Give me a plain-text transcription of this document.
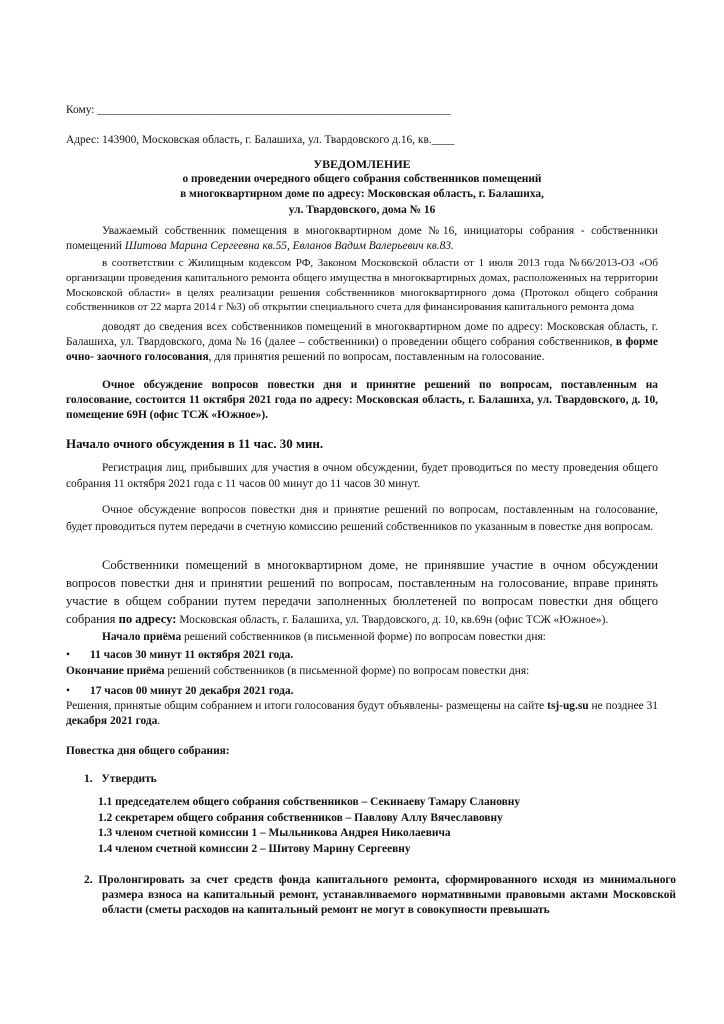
Кому: ______________________________________________________________
Адрес: 143900, Московская область, г. Балашиха, ул. Твардовского д.16, кв.____
УВЕДОМЛЕНИЕ
о проведении очередного общего собрания собственников помещений
в многоквартирном доме по адресу: Московская область, г. Балашиха,
ул. Твардовского, дома № 16
Уважаемый собственник помещения в многоквартирном доме №16, инициаторы собрания - собственники помещений Шитова Марина Сергеевна кв.55, Евланов Вадим Валерьевич кв.83.
в соответствии с Жилищным кодексом РФ, Законом Московской области от 1 июля 2013 года №66/2013-ОЗ «Об организации проведения капитального ремонта общего имущества в многоквартирных домах, расположенных на территории Московской области» в целях реализации решения собственников многоквартирного дома (Протокол общего собрания собственников от 22 марта 2014 г №3) об открытии специального счета для финансирования капитального ремонта дома
доводят до сведения всех собственников помещений в многоквартирном доме по адресу: Московская область, г. Балашиха, ул. Твардовского, дома № 16 (далее – собственники) о проведении общего собрания собственников, в форме очно- заочного голосования, для принятия решений по вопросам, поставленным на голосование.
Очное обсуждение вопросов повестки дня и принятие решений по вопросам, поставленным на голосование, состоится 11 октября 2021 года по адресу: Московская область, г. Балашиха, ул. Твардовского, д. 10, помещение 69Н (офис ТСЖ «Южное»).
Начало очного обсуждения в 11 час. 30 мин.
Регистрация лиц, прибывших для участия в очном обсуждении, будет проводиться по месту проведения общего собрания 11 октября 2021 года с 11 часов 00 минут до 11 часов 30 минут.
Очное обсуждение вопросов повестки дня и принятие решений по вопросам, поставленным на голосование, будет проводиться путем передачи в счетную комиссию решений собственников по указанным в повестке дня вопросам.
Собственники помещений в многоквартирном доме, не принявшие участие в очном обсуждении вопросов повестки дня и принятии решений по вопросам, поставленным на голосование, вправе принять участие в общем собрании путем передачи заполненных бюллетеней по вопросам повестки дня общего собрания по адресу: Московская область, г. Балашиха, ул. Твардовского, д. 10, кв.69н (офис ТСЖ «Южное»).
Начало приёма решений собственников (в письменной форме) по вопросам повестки дня:
• 11 часов 30 минут 11 октября 2021 года.
Окончание приёма решений собственников (в письменной форме) по вопросам повестки дня:
• 17 часов 00 минут 20 декабря 2021 года.
Решения, принятые общим собранием и итоги голосования будут объявлены- размещены на сайте tsj-ug.su не позднее 31 декабря 2021 года.
Повестка дня общего собрания:
1. Утвердить
1.1 председателем общего собрания собственников – Секинаеву Тамару Слановну
1.2 секретарем общего собрания собственников – Павлову Аллу Вячеславовну
1.3 членом счетной комиссии 1 – Мыльникова Андрея Николаевича
1.4 членом счетной комиссии 2 – Шитову Марину Сергеевну
2. Пролонгировать за счет средств фонда капитального ремонта, сформированного исходя из минимального размера взноса на капитальный ремонт, устанавливаемого нормативными правовыми актами Московской области (сметы расходов на капитальный ремонт не могут в совокупности превышать
